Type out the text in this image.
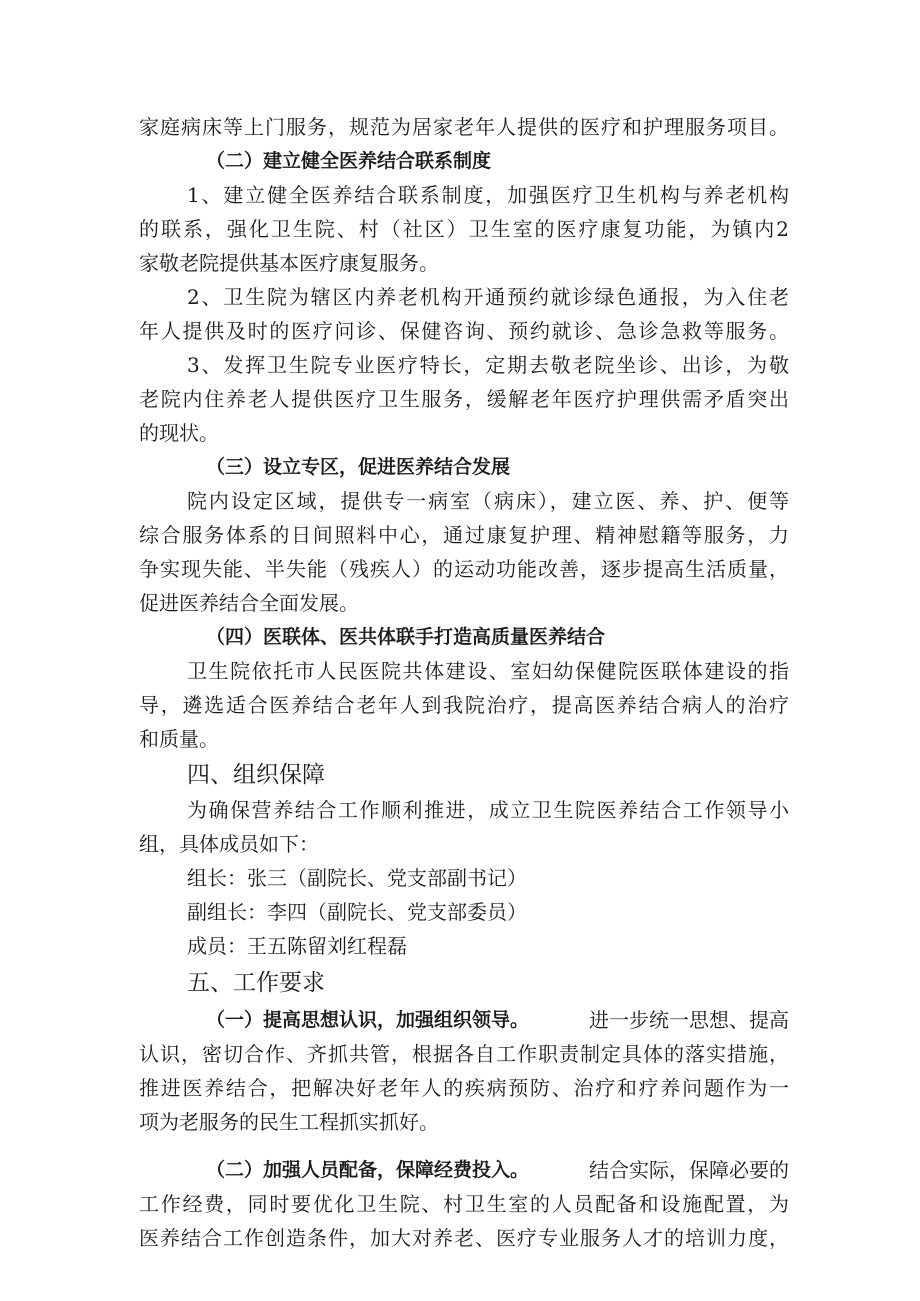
家庭病床等上门服务，规范为居家老年人提供的医疗和护理服务项目。
（二）建立健全医养结合联系制度
1、建立健全医养结合联系制度，加强医疗卫生机构与养老机构
的联系，强化卫生院、村（社区）卫生室的医疗康复功能，为镇内2
家敬老院提供基本医疗康复服务。
2、卫生院为辖区内养老机构开通预约就诊绿色通报，为入住老
年人提供及时的医疗问诊、保健咨询、预约就诊、急诊急救等服务。
3、发挥卫生院专业医疗特长，定期去敬老院坐诊、出诊，为敬
老院内住养老人提供医疗卫生服务，缓解老年医疗护理供需矛盾突出
的现状。
（三）设立专区，促进医养结合发展
院内设定区域，提供专一病室（病床），建立医、养、护、便等
综合服务体系的日间照料中心，通过康复护理、精神慰籍等服务，力
争实现失能、半失能（残疾人）的运动功能改善，逐步提高生活质量，
促进医养结合全面发展。
（四）医联体、医共体联手打造高质量医养结合
卫生院依托市人民医院共体建设、室妇幼保健院医联体建设的指
导，遴选适合医养结合老年人到我院治疗，提高医养结合病人的治疗
和质量。
四、组织保障
为确保营养结合工作顺利推进，成立卫生院医养结合工作领导小
组，具体成员如下：
组长：张三（副院长、党支部副书记）
副组长：李四（副院长、党支部委员）
成员：王五陈留刘红程磊
五、工作要求
（一）提高思想认识，加强组织领导。	进一步统一思想、提高
认识，密切合作、齐抓共管，根据各自工作职责制定具体的落实措施，
推进医养结合，把解决好老年人的疾病预防、治疗和疗养问题作为一
项为老服务的民生工程抓实抓好。
（二）加强人员配备，保障经费投入。	结合实际，保障必要的
工作经费，同时要优化卫生院、村卫生室的人员配备和设施配置，为
医养结合工作创造条件，加大对养老、医疗专业服务人才的培训力度，
